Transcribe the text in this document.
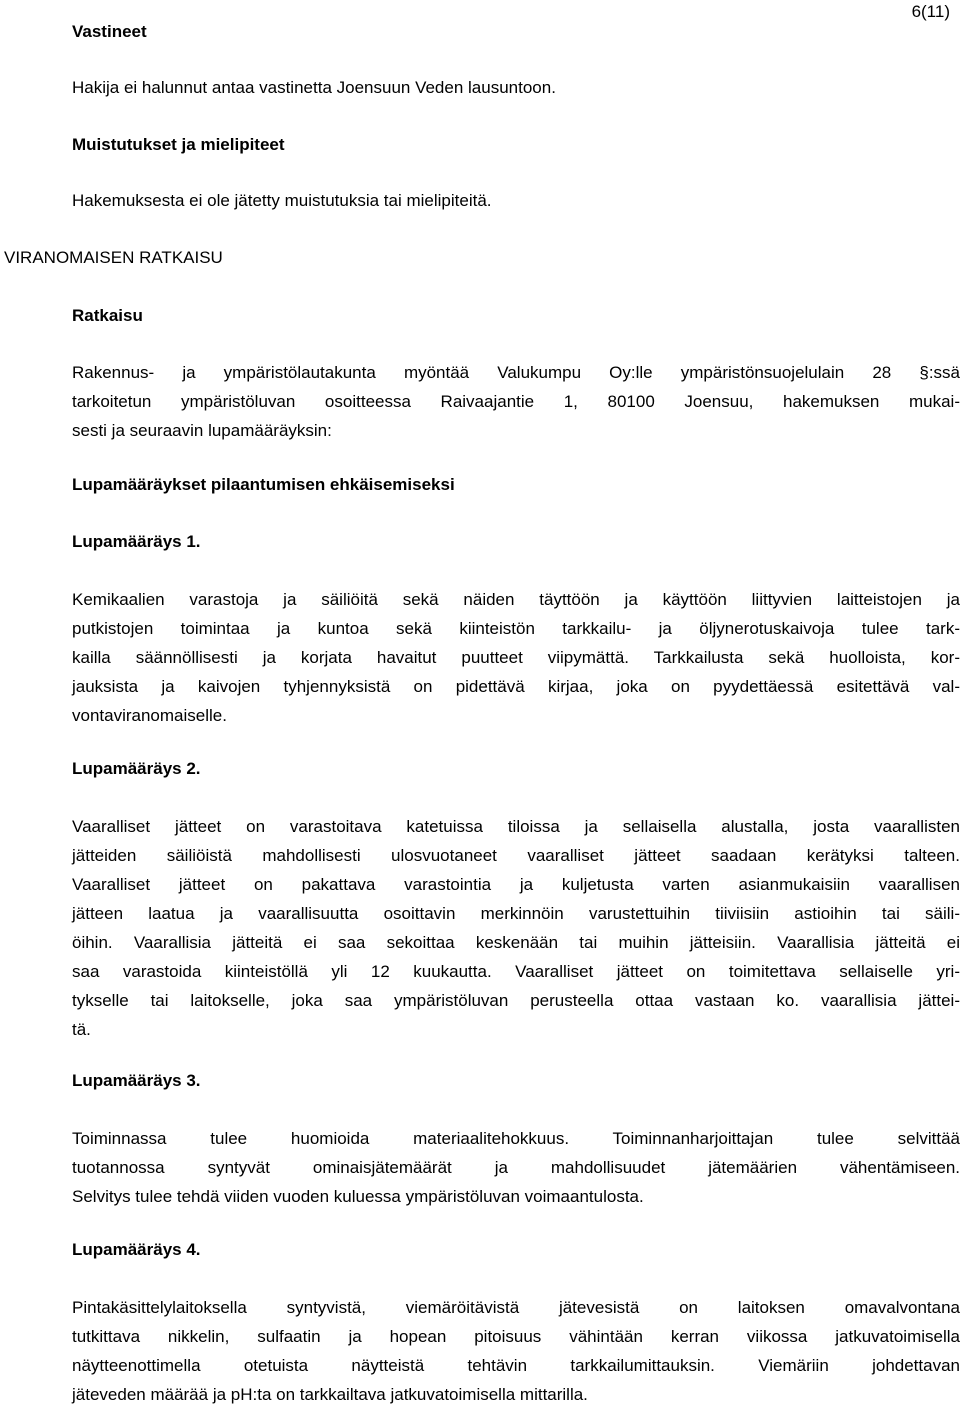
6(11)
Vastineet
Hakija ei halunnut antaa vastinetta Joensuun Veden lausuntoon.
Muistutukset ja mielipiteet
Hakemuksesta ei ole jätetty muistutuksia tai mielipiteitä.
VIRANOMAISEN RATKAISU
Ratkaisu
Rakennus- ja ympäristölautakunta myöntää Valukumpu Oy:lle ympäristönsuojelulain 28 §:ssä
tarkoitetun ympäristöluvan osoitteessa Raivaajantie 1, 80100 Joensuu, hakemuksen mukai-
sesti ja seuraavin lupamääräyksin:
Lupamääräykset pilaantumisen ehkäisemiseksi
Lupamääräys 1.
Kemikaalien varastoja ja säiliöitä sekä näiden täyttöön ja käyttöön liittyvien laitteistojen ja
putkistojen toimintaa ja kuntoa sekä kiinteistön tarkkailu- ja öljynerotuskaivoja tulee tark-
kailla säännöllisesti ja korjata havaitut puutteet viipymättä. Tarkkailusta sekä huolloista, kor-
jauksista ja kaivojen tyhjennyksistä on pidettävä kirjaa, joka on pyydettäessä esitettävä val-
vontaviranomaiselle.
Lupamääräys 2.
Vaaralliset jätteet on varastoitava katetuissa tiloissa ja sellaisella alustalla, josta vaarallisten
jätteiden säiliöistä mahdollisesti ulosvuotaneet vaaralliset jätteet saadaan kerätyksi talteen.
Vaaralliset jätteet on pakattava varastointia ja kuljetusta varten asianmukaisiin vaarallisen
jätteen laatua ja vaarallisuutta osoittavin merkinnöin varustettuihin tiiviisiin astioihin tai säili-
öihin. Vaarallisia jätteitä ei saa sekoittaa keskenään tai muihin jätteisiin. Vaarallisia jätteitä ei
saa varastoida kiinteistöllä yli 12 kuukautta. Vaaralliset jätteet on toimitettava sellaiselle yri-
tykselle tai laitokselle, joka saa ympäristöluvan perusteella ottaa vastaan ko. vaarallisia jättei-
tä.
Lupamääräys 3.
Toiminnassa tulee huomioida materiaalitehokkuus. Toiminnanharjoittajan tulee selvittää
tuotannossa syntyvät ominaisjätemäärät ja mahdollisuudet jätemäärien vähentämiseen.
Selvitys tulee tehdä viiden vuoden kuluessa ympäristöluvan voimaantulosta.
Lupamääräys 4.
Pintakäsittelylaitoksella syntyvistä, viemäröitävistä jätevesistä on laitoksen omavalvontana
tutkittava nikkelin, sulfaatin ja hopean pitoisuus vähintään kerran viikossa jatkuvatoimisella
näytteenottimella otetuista näytteistä tehtävin tarkkailumittauksin. Viemäriin johdettavan
jäteveden määrää ja pH:ta on tarkkailtava jatkuvatoimisella mittarilla.
